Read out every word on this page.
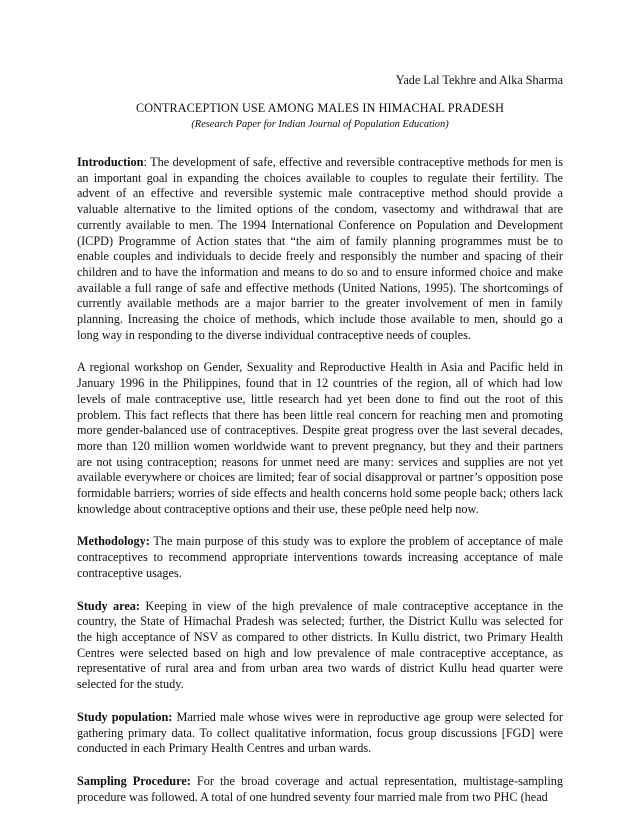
Yade Lal Tekhre and Alka Sharma

CONTRACEPTION USE AMONG MALES IN HIMACHAL PRADESH

(Research Paper for Indian Journal of Population Education)

Introduction: The development of safe, effective and reversible contraceptive methods for men is an important goal in expanding the choices available to couples to regulate their fertility. The advent of an effective and reversible systemic male contraceptive method should provide a valuable alternative to the limited options of the condom, vasectomy and withdrawal that are currently available to men. The 1994 International Conference on Population and Development (ICPD) Programme of Action states that “the aim of family planning programmes must be to enable couples and individuals to decide freely and responsibly the number and spacing of their children and to have the information and means to do so and to ensure informed choice and make available a full range of safe and effective methods (United Nations, 1995). The shortcomings of currently available methods are a major barrier to the greater involvement of men in family planning. Increasing the choice of methods, which include those available to men, should go a long way in responding to the diverse individual contraceptive needs of couples.

A regional workshop on Gender, Sexuality and Reproductive Health in Asia and Pacific held in January 1996 in the Philippines, found that in 12 countries of the region, all of which had low levels of male contraceptive use, little research had yet been done to find out the root of this problem. This fact reflects that there has been little real concern for reaching men and promoting more gender-balanced use of contraceptives. Despite great progress over the last several decades, more than 120 million women worldwide want to prevent pregnancy, but they and their partners are not using contraception; reasons for unmet need are many: services and supplies are not yet available everywhere or choices are limited; fear of social disapproval or partner’s opposition pose formidable barriers; worries of side effects and health concerns hold some people back; others lack knowledge about contraceptive options and their use, these pe0ple need help now.

Methodology: The main purpose of this study was to explore the problem of acceptance of male contraceptives to recommend appropriate interventions towards increasing acceptance of male contraceptive usages.

Study area: Keeping in view of the high prevalence of male contraceptive acceptance in the country, the State of Himachal Pradesh was selected; further, the District Kullu was selected for the high acceptance of NSV as compared to other districts. In Kullu district, two Primary Health Centres were selected based on high and low prevalence of male contraceptive acceptance, as representative of rural area and from urban area two wards of district Kullu head quarter were selected for the study.

Study population: Married male whose wives were in reproductive age group were selected for gathering primary data. To collect qualitative information, focus group discussions [FGD] were conducted in each Primary Health Centres and urban wards.

Sampling Procedure: For the broad coverage and actual representation, multistage-sampling procedure was followed. A total of one hundred seventy four married male from two PHC (head
